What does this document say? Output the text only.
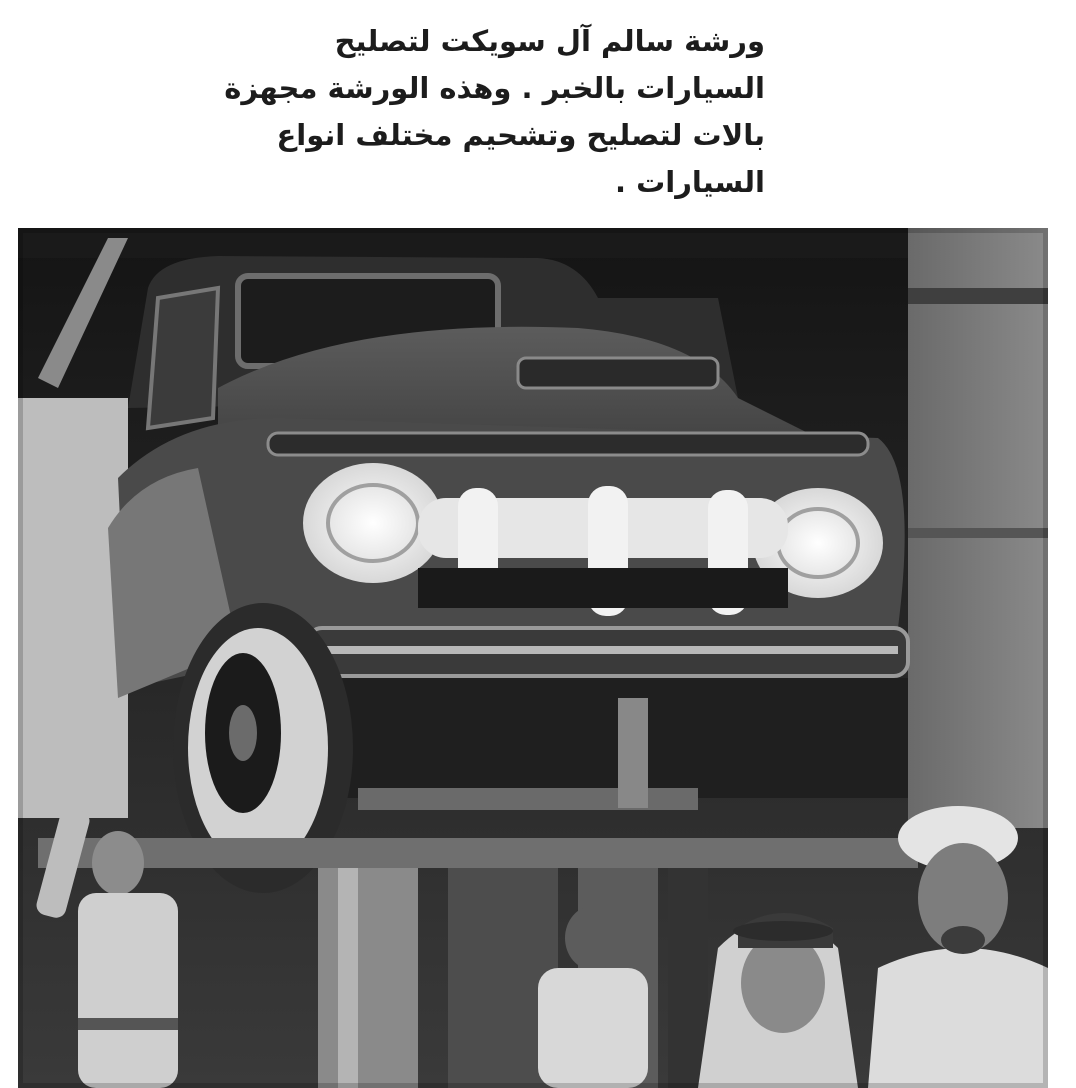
ورشة سالم آل سويكت لتصليح
السيارات بالخبر . وهذه الورشة مجهزة
بالات لتصليح وتشحيم مختلف انواع
السيارات .
